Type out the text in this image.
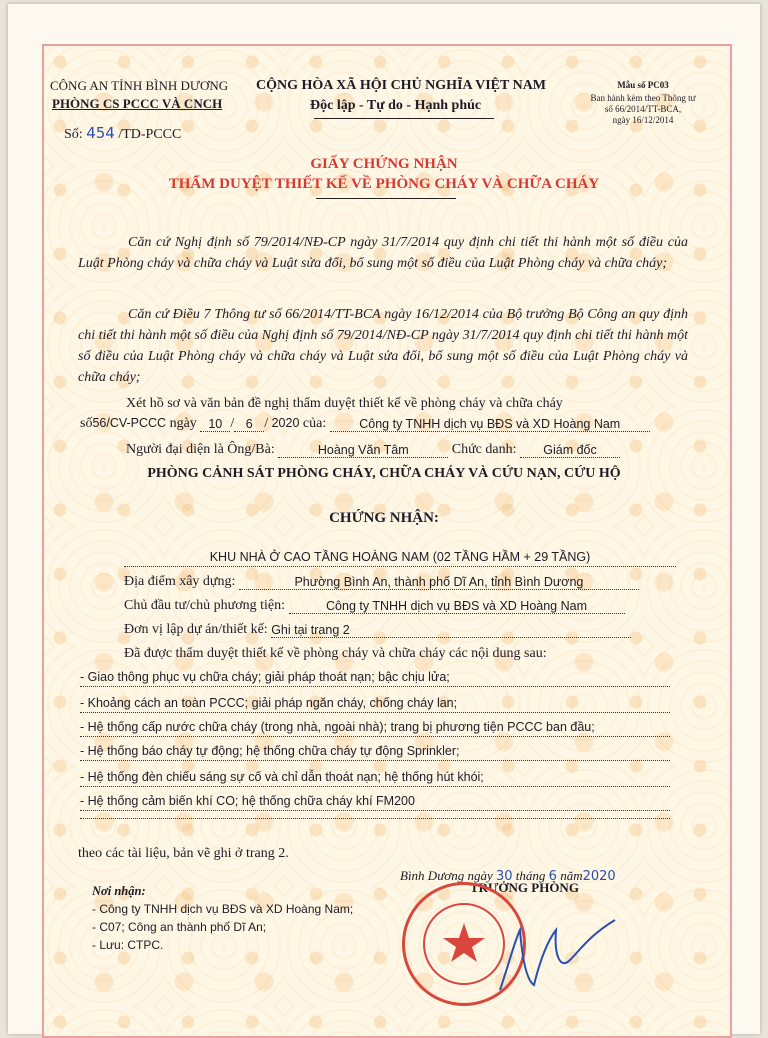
CÔNG AN TỈNH BÌNH DƯƠNG
PHÒNG CS PCCC VÀ CNCH
Số: 454 /TD-PCCC
CỘNG HÒA XÃ HỘI CHỦ NGHĨA VIỆT NAM
Độc lập - Tự do - Hạnh phúc
Mẫu số PC03
Ban hành kèm theo Thông tư
số 66/2014/TT-BCA,
ngày 16/12/2014
GIẤY CHỨNG NHẬN
THẨM DUYỆT THIẾT KẾ VỀ PHÒNG CHÁY VÀ CHỮA CHÁY
Căn cứ Nghị định số 79/2014/NĐ-CP ngày 31/7/2014 quy định chi tiết thi hành một số điều của Luật Phòng cháy và chữa cháy và Luật sửa đổi, bổ sung một số điều của Luật Phòng cháy và chữa cháy;
Căn cứ Điều 7 Thông tư số 66/2014/TT-BCA ngày 16/12/2014 của Bộ trưởng Bộ Công an quy định chi tiết thi hành một số điều của Nghị định số 79/2014/NĐ-CP ngày 31/7/2014 quy định chi tiết thi hành một số điều của Luật Phòng cháy và chữa cháy và Luật sửa đổi, bổ sung một số điều của Luật Phòng cháy và chữa cháy;
Xét hồ sơ và văn bản đề nghị thẩm duyệt thiết kế về phòng cháy và chữa cháy
số56/CV-PCCC ngày 10 / 6 / 2020 của:	Công ty TNHH dịch vụ BĐS và XD Hoàng Nam
Người đại diện là Ông/Bà:	Hoàng Văn Tâm	Chức danh: Giám đốc
PHÒNG CẢNH SÁT PHÒNG CHÁY, CHỮA CHÁY VÀ CỨU NẠN, CỨU HỘ
CHỨNG NHẬN:
KHU NHÀ Ở CAO TẦNG HOÀNG NAM (02 TẦNG HẦM + 29 TẦNG)
Địa điểm xây dựng:	Phường Bình An, thành phố Dĩ An, tỉnh Bình Dương
Chủ đầu tư/chủ phương tiện:	Công ty TNHH dịch vụ BĐS và XD Hoàng Nam
Đơn vị lập dự án/thiết kế: Ghi tại trang 2
Đã được thẩm duyệt thiết kế về phòng cháy và chữa cháy các nội dung sau:
- Giao thông phục vụ chữa cháy; giải pháp thoát nạn; bậc chịu lửa;
- Khoảng cách an toàn PCCC; giải pháp ngăn cháy, chống cháy lan;
- Hệ thống cấp nước chữa cháy (trong nhà, ngoài nhà); trang bị phương tiện PCCC ban đầu;
- Hệ thống báo cháy tự động; hệ thống chữa cháy tự động Sprinkler;
- Hệ thống đèn chiếu sáng sự cố và chỉ dẫn thoát nạn; hệ thống hút khói;
- Hệ thống cảm biến khí CO; hệ thống chữa cháy khí FM200
theo các tài liệu, bản vẽ ghi ở trang 2.
Bình Dương ngày 30 tháng 6 năm2020
TRƯỞNG PHÒNG
Nơi nhận:
- Công ty TNHH dịch vụ BĐS và XD Hoàng Nam;
- C07; Công an thành phố Dĩ An;
- Lưu: CTPC.
